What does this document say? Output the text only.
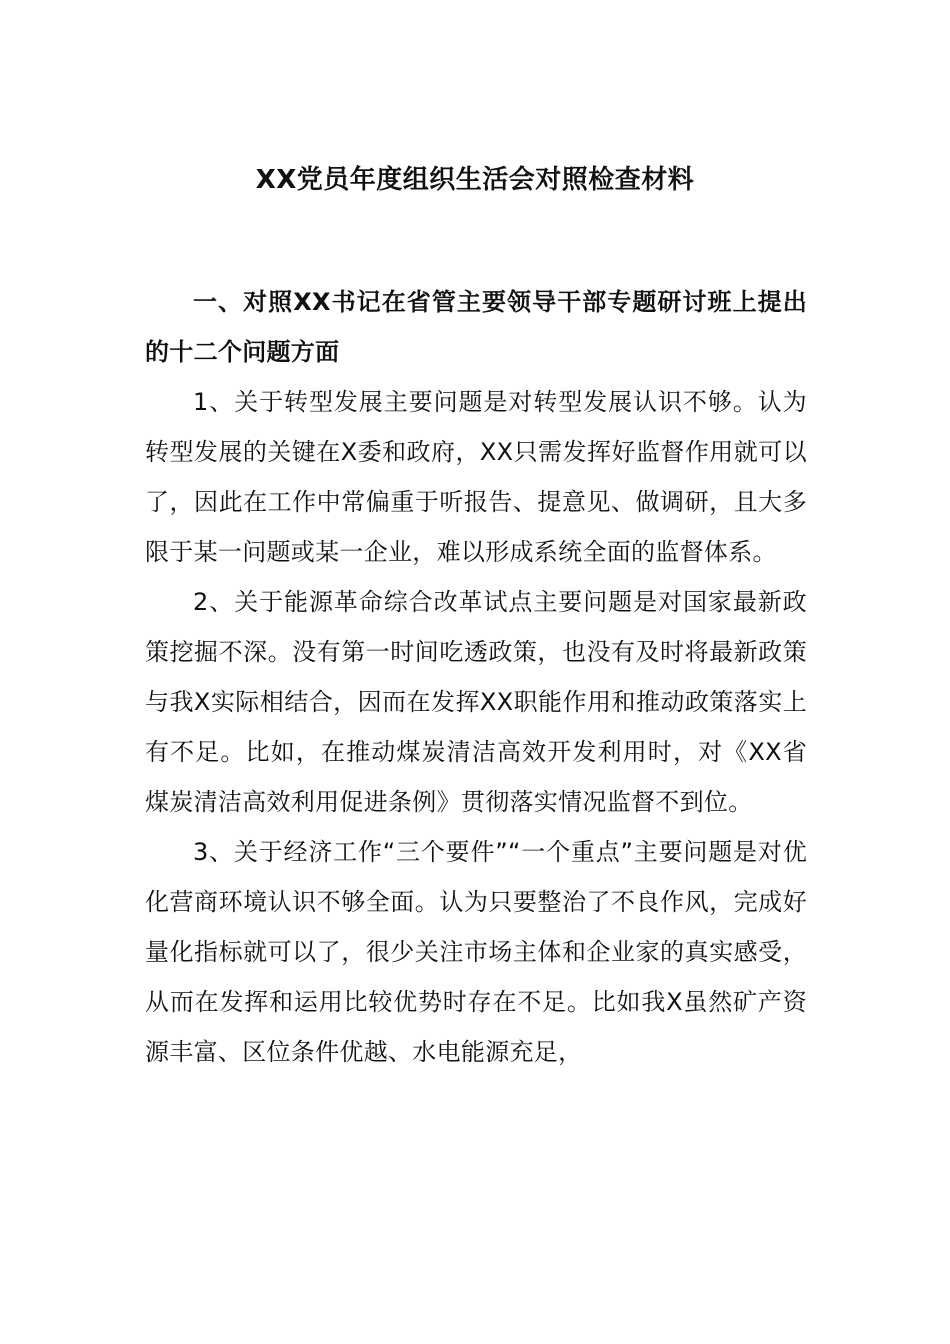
XX党员年度组织生活会对照检查材料

一、对照XX书记在省管主要领导干部专题研讨班上提出的十二个问题方面

1、关于转型发展主要问题是对转型发展认识不够。认为转型发展的关键在X委和政府，XX只需发挥好监督作用就可以了，因此在工作中常偏重于听报告、提意见、做调研，且大多限于某一问题或某一企业，难以形成系统全面的监督体系。

2、关于能源革命综合改革试点主要问题是对国家最新政策挖掘不深。没有第一时间吃透政策，也没有及时将最新政策与我X实际相结合，因而在发挥XX职能作用和推动政策落实上有不足。比如，在推动煤炭清洁高效开发利用时，对《XX省煤炭清洁高效利用促进条例》贯彻落实情况监督不到位。

3、关于经济工作“三个要件”“一个重点”主要问题是对优化营商环境认识不够全面。认为只要整治了不良作风，完成好量化指标就可以了，很少关注市场主体和企业家的真实感受，从而在发挥和运用比较优势时存在不足。比如我X虽然矿产资源丰富、区位条件优越、水电能源充足，
